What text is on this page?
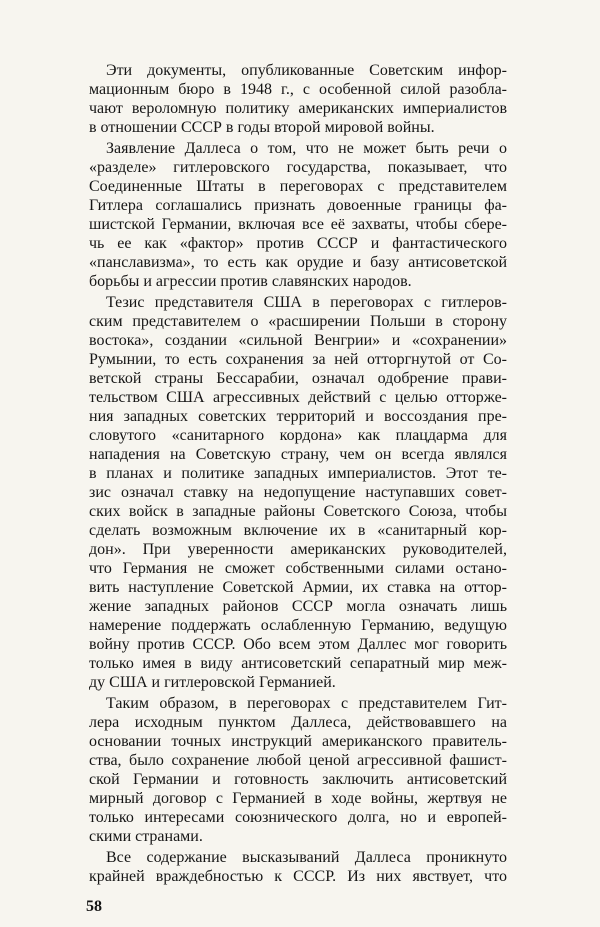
Эти документы, опубликованные Советским инфор-
мационным бюро в 1948 г., с особенной силой разобла-
чают вероломную политику американских империалистов
в отношении СССР в годы второй мировой войны.
Заявление Даллеса о том, что не может быть речи о
«разделе» гитлеровского государства, показывает, что
Соединенные Штаты в переговорах с представителем
Гитлера соглашались признать довоенные границы фа-
шистской Германии, включая все её захваты, чтобы сбере-
чь ее как «фактор» против СССР и фантастического
«панславизма», то есть как орудие и базу антисоветской
борьбы и агрессии против славянских народов.
Тезис представителя США в переговорах с гитлеров-
ским представителем о «расширении Польши в сторону
востока», создании «сильной Венгрии» и «сохранении»
Румынии, то есть сохранения за ней отторгнутой от Со-
ветской страны Бессарабии, означал одобрение прави-
тельством США агрессивных действий с целью отторже-
ния западных советских территорий и воссоздания пре-
словутого «санитарного кордона» как плацдарма для
нападения на Советскую страну, чем он всегда являлся
в планах и политике западных империалистов. Этот те-
зис означал ставку на недопущение наступавших совет-
ских войск в западные районы Советского Союза, чтобы
сделать возможным включение их в «санитарный кор-
дон». При уверенности американских руководителей,
что Германия не сможет собственными силами остано-
вить наступление Советской Армии, их ставка на оттор-
жение западных районов СССР могла означать лишь
намерение поддержать ослабленную Германию, ведущую
войну против СССР. Обо всем этом Даллес мог говорить
только имея в виду антисоветский сепаратный мир меж-
ду США и гитлеровской Германией.
Таким образом, в переговорах с представителем Гит-
лера исходным пунктом Даллеса, действовавшего на
основании точных инструкций американского правитель-
ства, было сохранение любой ценой агрессивной фашист-
ской Германии и готовность заключить антисоветский
мирный договор с Германией в ходе войны, жертвуя не
только интересами союзнического долга, но и европей-
скими странами.
Все содержание высказываний Даллеса проникнуто
крайней враждебностью к СССР. Из них явствует, что
58
